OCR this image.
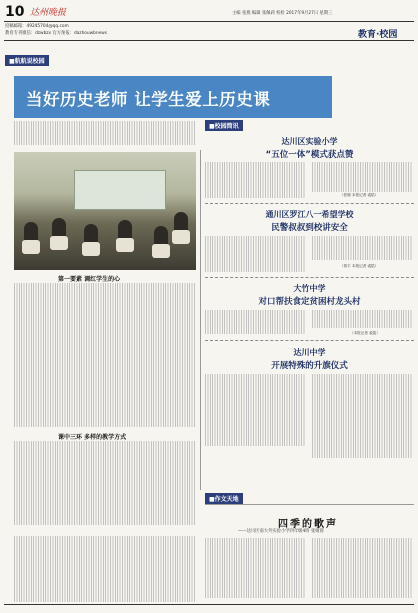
10 达州晚报	主编 张燕 编辑 张佩莉 校检 2017年9月27日 星期三
投稿邮箱：49245704@qq.com
教育专刊微信：dzwbzx 官方预报：dazhouwbnews	教育·校园
■航航说校园
当好历史老师 让学生爱上历史课
第一要素 调红学生的心
课中三环 多样的教学方式
■校园简讯
达川区实验小学
“五位一体”模式获点赞
（张刚 本报记者 裘铭）
通川区罗江八一希望学校
民警叔叔到校讲安全
（郭宇 本报记者 裘铭）
大竹中学
对口帮扶食定贫困村龙头村
（本报记者 裘铭）
达川中学
开展特殊的升旗仪式
■作文天地
四季的歌声
——达川区南大外实验小学四年级4班 张婧蓉
